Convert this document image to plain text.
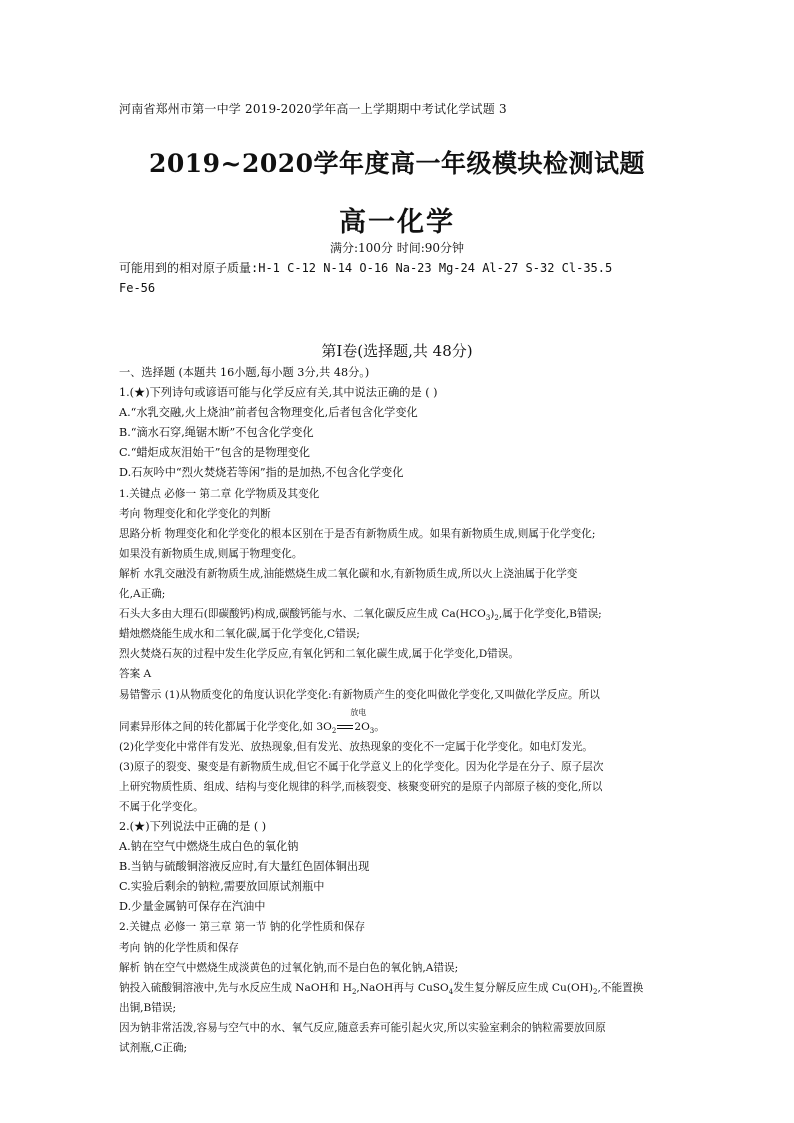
河南省郑州市第一中学 2019-2020学年高一上学期期中考试化学试题 3
2019~2020学年度高一年级模块检测试题
高一化学
满分:100分 时间:90分钟
可能用到的相对原子质量:H-1 C-12 N-14 O-16 Na-23 Mg-24 Al-27 S-32 Cl-35.5
Fe-56
第Ⅰ卷(选择题,共 48分)
一、选择题 (本题共 16小题,每小题 3分,共 48分。)
1.(★)下列诗句或谚语可能与化学反应有关,其中说法正确的是 ( )
A.“水乳交融,火上烧油”前者包含物理变化,后者包含化学变化
B.“滴水石穿,绳锯木断”不包含化学变化
C.“蜡炬成灰泪始干”包含的是物理变化
D.石灰吟中“烈火焚烧若等闲”指的是加热,不包含化学变化
1.关键点 必修一 第二章 化学物质及其变化
考向 物理变化和化学变化的判断
思路分析 物理变化和化学变化的根本区别在于是否有新物质生成。如果有新物质生成,则属于化学变化;
如果没有新物质生成,则属于物理变化。
解析 水乳交融没有新物质生成,油能燃烧生成二氧化碳和水,有新物质生成,所以火上浇油属于化学变
化,A正确;
石头大多由大理石(即碳酸钙)构成,碳酸钙能与水、二氧化碳反应生成 $Ca(HCO_3)_2$,属于化学变化,B错误;
蜡烛燃烧能生成水和二氧化碳,属于化学变化,C错误;
烈火焚烧石灰的过程中发生化学反应,有氧化钙和二氧化碳生成,属于化学变化,D错误。
答案 A
易错警示 (1)从物质变化的角度认识化学变化:有新物质产生的变化叫做化学变化,又叫做化学反应。所以
同素异形体之间的转化都属于化学变化,如 $3O_2$
放电
$2O_3$。
(2)化学变化中常伴有发光、放热现象,但有发光、放热现象的变化不一定属于化学变化。如电灯发光。
(3)原子的裂变、聚变是有新物质生成,但它不属于化学意义上的化学变化。因为化学是在分子、原子层次
上研究物质性质、组成、结构与变化规律的科学,而核裂变、核聚变研究的是原子内部原子核的变化,所以
不属于化学变化。
2.(★)下列说法中正确的是 ( )
A.钠在空气中燃烧生成白色的氧化钠
B.当钠与硫酸铜溶液反应时,有大量红色固体铜出现
C.实验后剩余的钠粒,需要放回原试剂瓶中
D.少量金属钠可保存在汽油中
2.关键点 必修一 第三章 第一节 钠的化学性质和保存
考向 钠的化学性质和保存
解析 钠在空气中燃烧生成淡黄色的过氧化钠,而不是白色的氧化钠,A错误;
钠投入硫酸铜溶液中,先与水反应生成 NaOH和 $H_2,NaOH$再与 CuSO$_4$发生复分解反应生成 $Cu(OH)_2$,不能置换
出铜,B错误;
因为钠非常活泼,容易与空气中的水、氧气反应,随意丢弃可能引起火灾,所以实验室剩余的钠粒需要放回原
试剂瓶,C正确;
